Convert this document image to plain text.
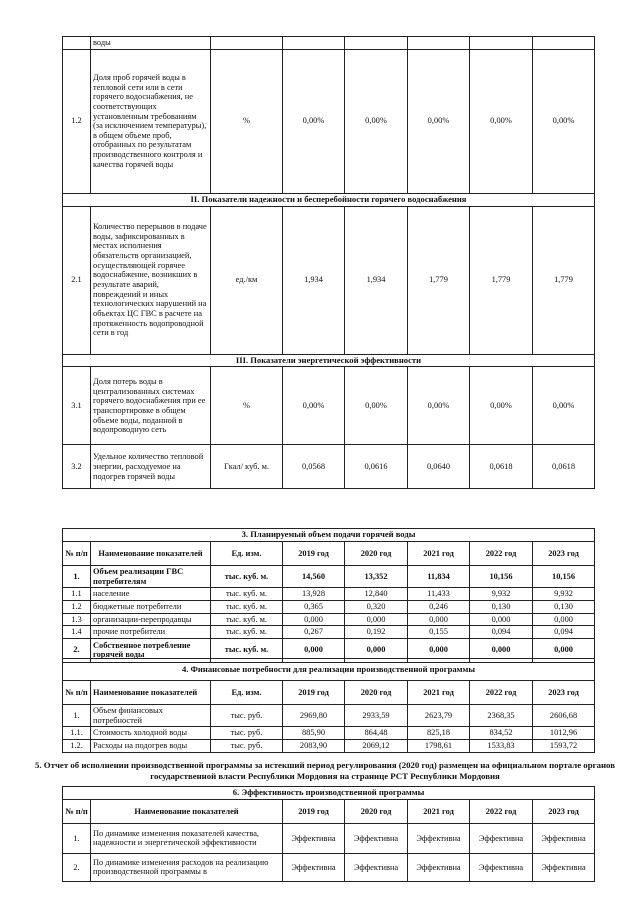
	воды						
1.2	Доля проб горячей воды в тепловой сети или в сети горячего водоснабжения, не соответствующих установленным требованиям (за исключением температуры), в общем объеме проб, отобранных по результатам производственного контроля и качества горячей воды	%	0,00%	0,00%	0,00%	0,00%	0,00%
II. Показатели надежности и бесперебойности горячего водоснабжения							
2.1	Количество перерывов в подаче воды, зафиксированных в местах исполнения обязательств организацией, осуществляющей горячее водоснабжение, возникших в результате аварий, повреждений и иных технологических нарушений на объектах ЦС ГВС в расчете на протяженность водопроводной сети в год	ед./км	1,934	1,934	1,779	1,779	1,779
III. Показатели энергетической эффективности							
3.1	Доля потерь воды в централизованных системах горячего водоснабжения при ее транспортировке в общем объеме воды, поданной в водопроводную сеть	%	0,00%	0,00%	0,00%	0,00%	0,00%
3.2	Удельное количество тепловой энергии, расходуемое на подогрев горячей воды	Гкал/ куб. м.	0,0568	0,0616	0,0640	0,0618	0,0618
3. Планируемый объем подачи горячей воды							
№ п/п	Наименование показателей	Ед. изм.	2019 год	2020 год	2021 год	2022 год	2023 год
1.	Объем реализации ГВС потребителям	тыс. куб. м.	14,560	13,352	11,834	10,156	10,156
1.1	население	тыс. куб. м.	13,928	12,840	11,433	9,932	9,932
1.2	бюджетные потребители	тыс. куб. м.	0,365	0,320	0,246	0,130	0,130
1.3	организации-перепродавцы	тыс. куб. м.	0,000	0,000	0,000	0,000	0,000
1.4	прочие потребители	тыс. куб. м.	0,267	0,192	0,155	0,094	0,094
2.	Собственное потребление горячей воды	тыс. куб. м.	0,000	0,000	0,000	0,000	0,000
4. Финансовые потребности для реализации производственной программы							
№ п/п	Наименование показателей	Ед. изм.	2019 год	2020 год	2021 год	2022 год	2023 год
1.	Объем финансовых потребностей	тыс. руб.	2969,80	2933,59	2623,79	2368,35	2606,68
1.1.	Стоимость холодной воды	тыс. руб.	885,90	864,48	825,18	834,52	1012,96
1.2.	Расходы на подогрев воды	тыс. руб.	2083,90	2069,12	1798,61	1533,83	1593,72
5. Отчет об исполнении производственной программы за истекший период регулирования (2020 год) размещен на официальном портале органов государственной власти Республики Мордовия на странице РСТ Республики Мордовия
6. Эффективность производственной программы						
№ п/п	Наименование показателей	2019 год	2020 год	2021 год	2022 год	2023 год
1.	По динамике изменения показателей качества, надежности и энергетической эффективности	Эффективна	Эффективна	Эффективна	Эффективна	Эффективна
2.	По динамике изменения расходов на реализацию производственной программы в	Эффективна	Эффективна	Эффективна	Эффективна	Эффективна
